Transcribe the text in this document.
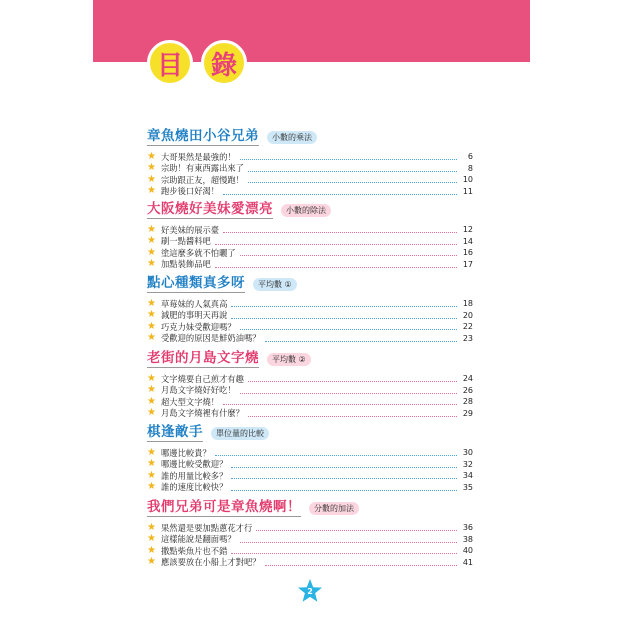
目 錄
章魚燒田小谷兄弟	小數的乘法
★ 大哥果然是最強的！	6
★ 宗助！有東西露出來了	8
★ 宗助跟正友，超慢跑！	10
★ 跑步後口好渴！	11
大阪燒好美妹愛漂亮	小數的除法
★ 好美妹的展示臺	12
★ 刷一點醬料吧	14
★ 塗這麼多就不怕曬了	16
★ 加點裝飾品吧	17
點心種類真多呀	平均數 ①
★ 草莓妹的人氣真高	18
★ 減肥的事明天再說	20
★ 巧克力妹受歡迎嗎？	22
★ 受歡迎的原因是鮮奶油嗎？	23
老街的月島文字燒	平均數 ②
★ 文字燒要自己煎才有趣	24
★ 月島文字燒好好吃！	26
★ 超大型文字燒！	28
★ 月島文字燒裡有什麼？	29
棋逢敵手	單位量的比較
★ 哪邊比較貴？	30
★ 哪邊比較受歡迎？	32
★ 誰的用量比較多？	34
★ 誰的速度比較快？	35
我們兄弟可是章魚燒啊！	分數的加法
★ 果然還是要加點蔥花才行	36
★ 這樣能說是翻面嗎？	38
★ 撒點柴魚片也不錯	40
★ 應該要放在小船上才對吧？	41
2
